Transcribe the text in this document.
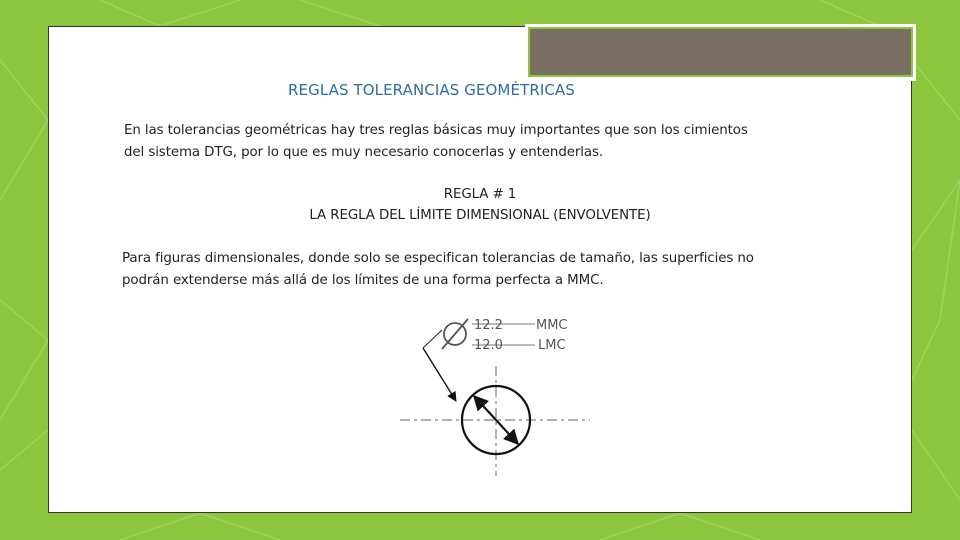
REGLAS TOLERANCIAS GEOMÉTRICAS
En las tolerancias geométricas hay tres reglas básicas muy importantes que son los cimientos
del sistema DTG, por lo que es muy necesario conocerlas y entenderlas.
REGLA # 1
LA REGLA DEL LÍMITE DIMENSIONAL (ENVOLVENTE)
Para figuras dimensionales, donde solo se especifican tolerancias de tamaño, las superficies no
podrán extenderse más allá de los límites de una forma perfecta a MMC.
12.2
12.0
MMC
LMC
